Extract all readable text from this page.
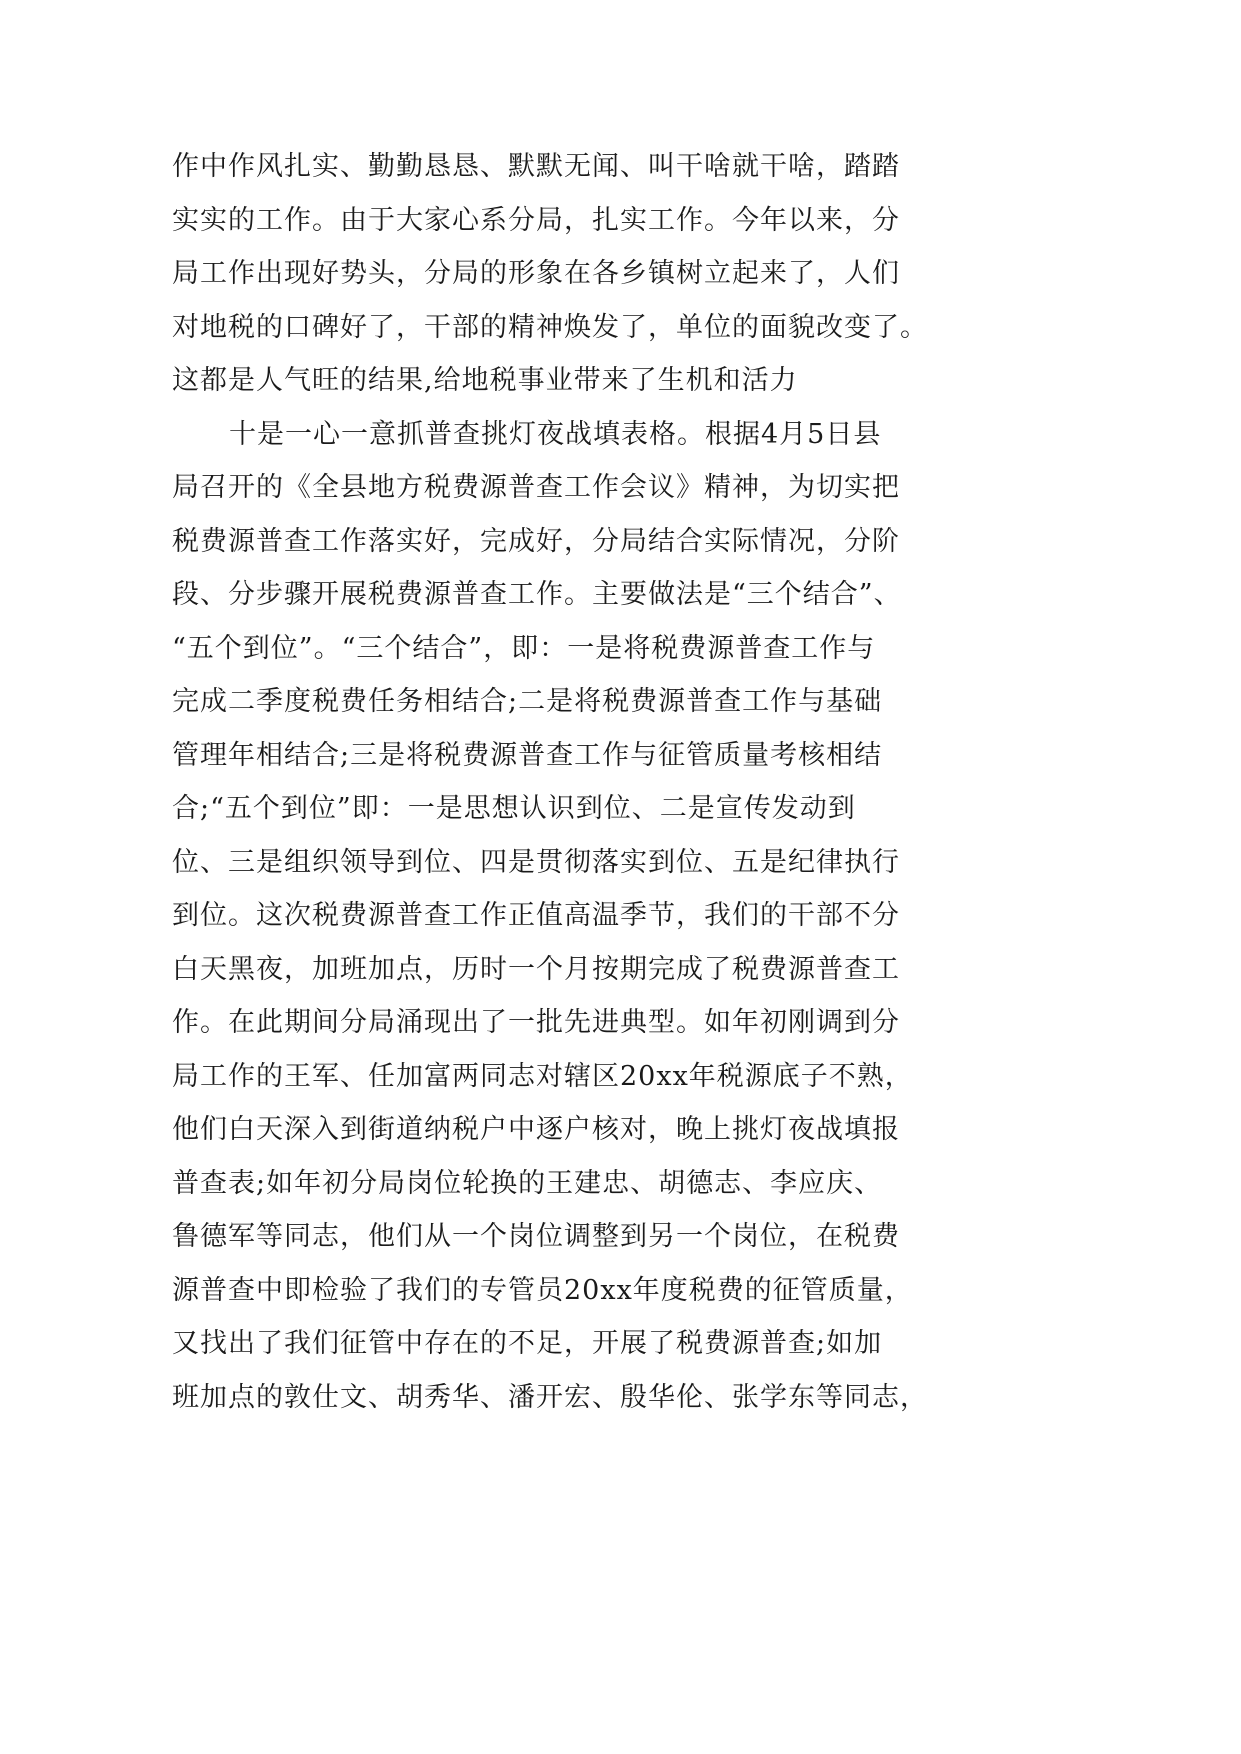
作中作风扎实、勤勤恳恳、默默无闻、叫干啥就干啥，踏踏
实实的工作。由于大家心系分局，扎实工作。今年以来，分
局工作出现好势头，分局的形象在各乡镇树立起来了，人们
对地税的口碑好了，干部的精神焕发了，单位的面貌改变了。
这都是人气旺的结果,给地税事业带来了生机和活力
十是一心一意抓普查挑灯夜战填表格。根据4月5日县
局召开的《全县地方税费源普查工作会议》精神，为切实把
税费源普查工作落实好，完成好，分局结合实际情况，分阶
段、分步骤开展税费源普查工作。主要做法是“三个结合”、
“五个到位”。“三个结合”，即：一是将税费源普查工作与
完成二季度税费任务相结合;二是将税费源普查工作与基础
管理年相结合;三是将税费源普查工作与征管质量考核相结
合;“五个到位”即：一是思想认识到位、二是宣传发动到
位、三是组织领导到位、四是贯彻落实到位、五是纪律执行
到位。这次税费源普查工作正值高温季节，我们的干部不分
白天黑夜，加班加点，历时一个月按期完成了税费源普查工
作。在此期间分局涌现出了一批先进典型。如年初刚调到分
局工作的王军、任加富两同志对辖区20xx年税源底子不熟，
他们白天深入到街道纳税户中逐户核对，晚上挑灯夜战填报
普查表;如年初分局岗位轮换的王建忠、胡德志、李应庆、
鲁德军等同志，他们从一个岗位调整到另一个岗位，在税费
源普查中即检验了我们的专管员20xx年度税费的征管质量，
又找出了我们征管中存在的不足，开展了税费源普查;如加
班加点的敦仕文、胡秀华、潘开宏、殷华伦、张学东等同志，
